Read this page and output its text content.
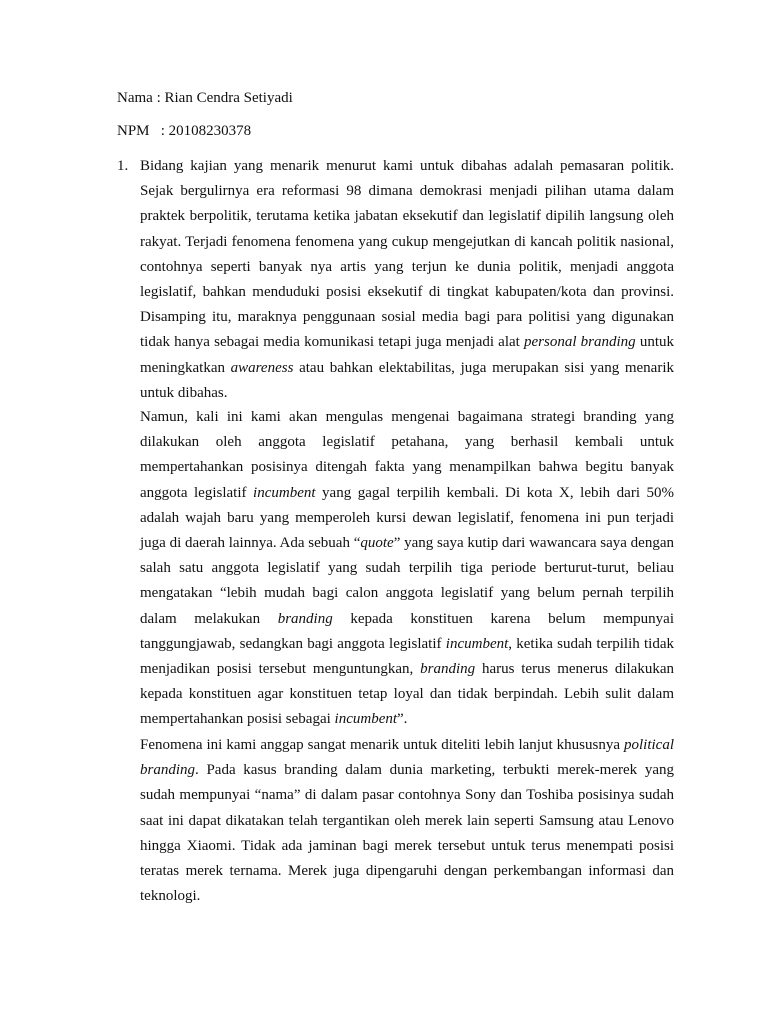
Nama : Rian Cendra Setiyadi
NPM   : 20108230378
1. Bidang kajian yang menarik menurut kami untuk dibahas adalah pemasaran politik. Sejak bergulirnya era reformasi 98 dimana demokrasi menjadi pilihan utama dalam praktek berpolitik, terutama ketika jabatan eksekutif dan legislatif dipilih langsung oleh rakyat. Terjadi fenomena fenomena yang cukup mengejutkan di kancah politik nasional, contohnya seperti banyak nya artis yang terjun ke dunia politik, menjadi anggota legislatif, bahkan menduduki posisi eksekutif di tingkat kabupaten/kota dan provinsi. Disamping itu, maraknya penggunaan sosial media bagi para politisi yang digunakan tidak hanya sebagai media komunikasi tetapi juga menjadi alat personal branding untuk meningkatkan awareness atau bahkan elektabilitas, juga merupakan sisi yang menarik untuk dibahas.

Namun, kali ini kami akan mengulas mengenai bagaimana strategi branding yang dilakukan oleh anggota legislatif petahana, yang berhasil kembali untuk mempertahankan posisinya ditengah fakta yang menampilkan bahwa begitu banyak anggota legislatif incumbent yang gagal terpilih kembali. Di kota X, lebih dari 50% adalah wajah baru yang memperoleh kursi dewan legislatif, fenomena ini pun terjadi juga di daerah lainnya. Ada sebuah “quote” yang saya kutip dari wawancara saya dengan salah satu anggota legislatif yang sudah terpilih tiga periode berturut-turut, beliau mengatakan “lebih mudah bagi calon anggota legislatif yang belum pernah terpilih dalam melakukan branding kepada konstituen karena belum mempunyai tanggungjawab, sedangkan bagi anggota legislatif incumbent, ketika sudah terpilih tidak menjadikan posisi tersebut menguntungkan, branding harus terus menerus dilakukan kepada konstituen agar konstituen tetap loyal dan tidak berpindah. Lebih sulit dalam mempertahankan posisi sebagai incumbent”.

Fenomena ini kami anggap sangat menarik untuk diteliti lebih lanjut khususnya political branding. Pada kasus branding dalam dunia marketing, terbukti merek-merek yang sudah mempunyai “nama” di dalam pasar contohnya Sony dan Toshiba posisinya sudah saat ini dapat dikatakan telah tergantikan oleh merek lain seperti Samsung atau Lenovo hingga Xiaomi. Tidak ada jaminan bagi merek tersebut untuk terus menempati posisi teratas merek ternama. Merek juga dipengaruhi dengan perkembangan informasi dan teknologi.
